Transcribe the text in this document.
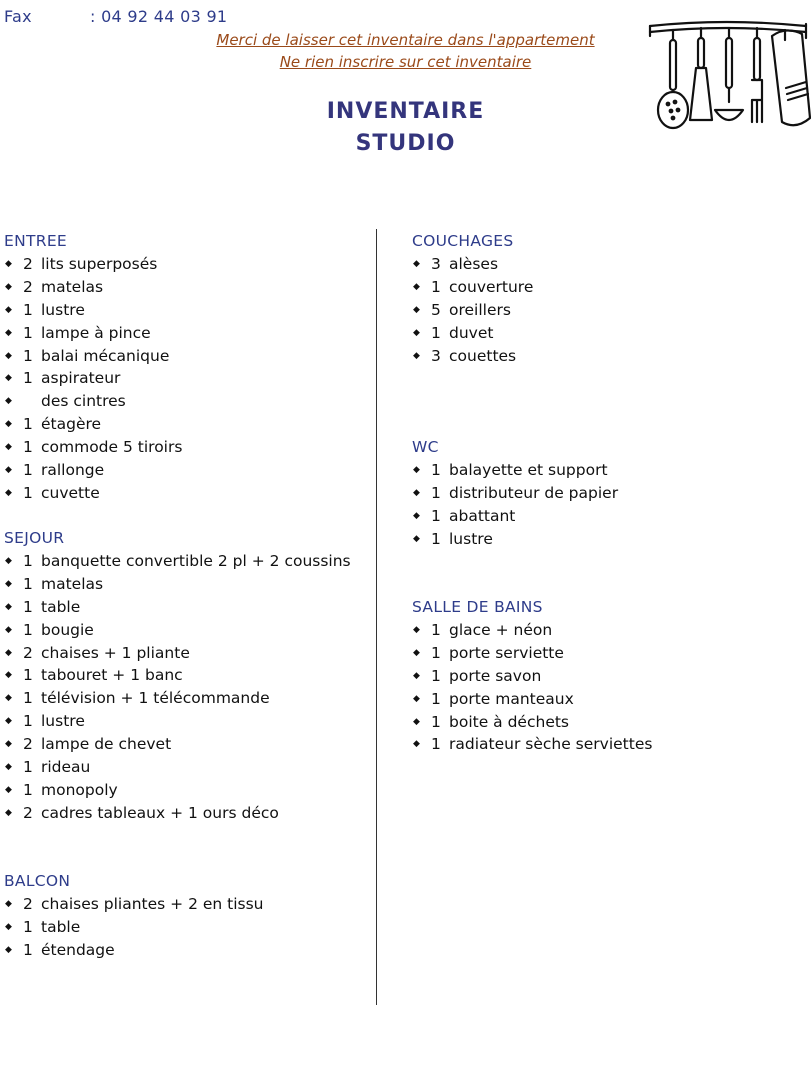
Fax	: 04 92 44 03 91
Merci de laisser cet inventaire dans l'appartement
Ne rien inscrire sur cet inventaire
INVENTAIRE
STUDIO
ENTREE
◆ 2 lits superposés
◆ 2 matelas
◆ 1 lustre
◆ 1 lampe à pince
◆ 1 balai mécanique
◆ 1 aspirateur
◆	des cintres
◆ 1 étagère
◆ 1 commode 5 tiroirs
◆ 1 rallonge
◆ 1 cuvette
SEJOUR
◆ 1 banquette convertible 2 pl + 2 coussins
◆ 1 matelas
◆ 1 table
◆ 1 bougie
◆ 2 chaises + 1 pliante
◆ 1 tabouret + 1 banc
◆ 1 télévision + 1 télécommande
◆ 1 lustre
◆ 2 lampe de chevet
◆ 1 rideau
◆ 1 monopoly
◆ 2 cadres tableaux + 1 ours déco
BALCON
◆ 2 chaises pliantes + 2 en tissu
◆ 1 table
◆ 1 étendage
COUCHAGES
◆ 3 alèses
◆ 1 couverture
◆ 5 oreillers
◆ 1 duvet
◆ 3 couettes
WC
◆ 1 balayette et support
◆ 1 distributeur de papier
◆ 1 abattant
◆ 1 lustre
SALLE DE BAINS
◆ 1 glace + néon
◆ 1 porte serviette
◆ 1 porte savon
◆ 1 porte manteaux
◆ 1 boite à déchets
◆ 1 radiateur sèche serviettes
